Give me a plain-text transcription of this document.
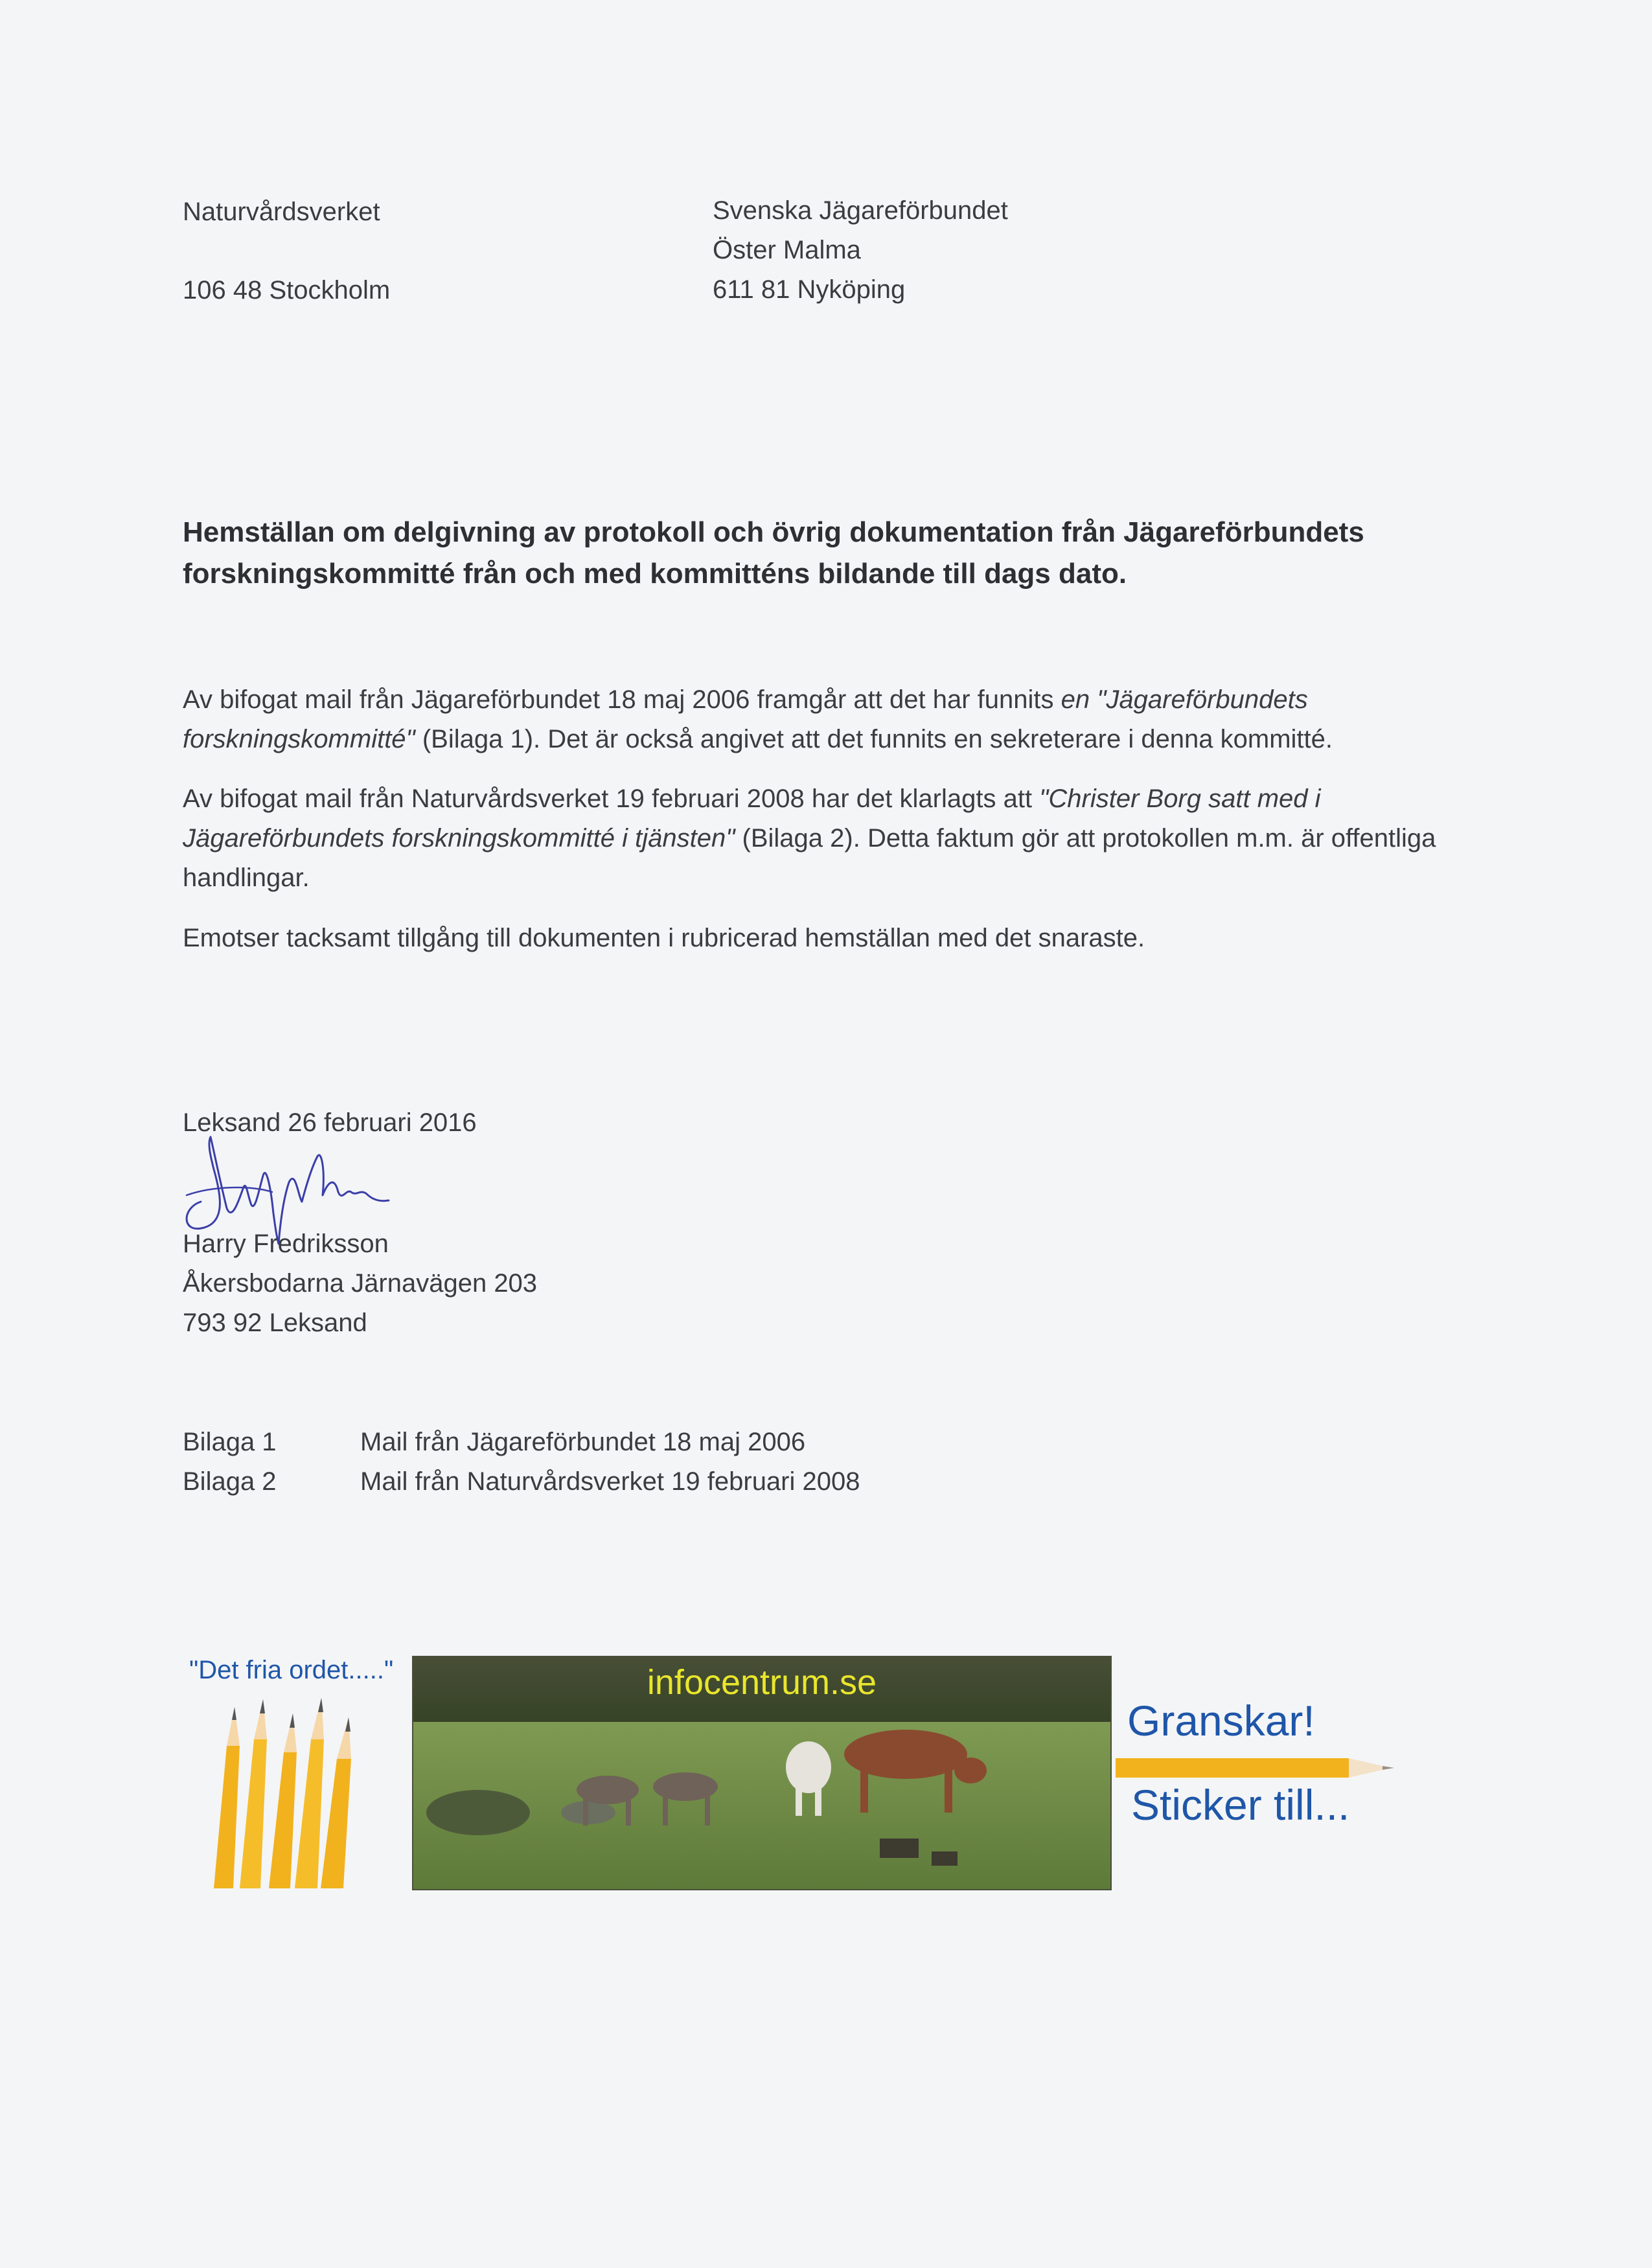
Naturvårdsverket
106 48 Stockholm
Svenska Jägareförbundet
Öster Malma
611 81 Nyköping
Hemställan om delgivning av protokoll och övrig dokumentation från Jägareförbundets
forskningskommitté från och med kommitténs bildande till dags dato.
Av bifogat mail från Jägareförbundet 18 maj 2006 framgår att det har funnits en "Jägareförbundets forskningskommitté" (Bilaga 1). Det är också angivet att det funnits en sekreterare i denna kommitté.
Av bifogat mail från Naturvårdsverket 19 februari 2008 har det klarlagts att "Christer Borg satt med i Jägareförbundets forskningskommitté i tjänsten" (Bilaga 2). Detta faktum gör att protokollen m.m. är offentliga handlingar.
Emotser tacksamt tillgång till dokumenten i rubricerad hemställan med det snaraste.
Leksand 26 februari 2016
Harry Fredriksson
Åkersbodarna Järnavägen 203
793 92 Leksand
Bilaga 1	Mail från Jägareförbundet 18 maj 2006
Bilaga 2	Mail från Naturvårdsverket 19 februari 2008
"Det fria ordet....."	infocentrum.se
Granskar!
Sticker till...
